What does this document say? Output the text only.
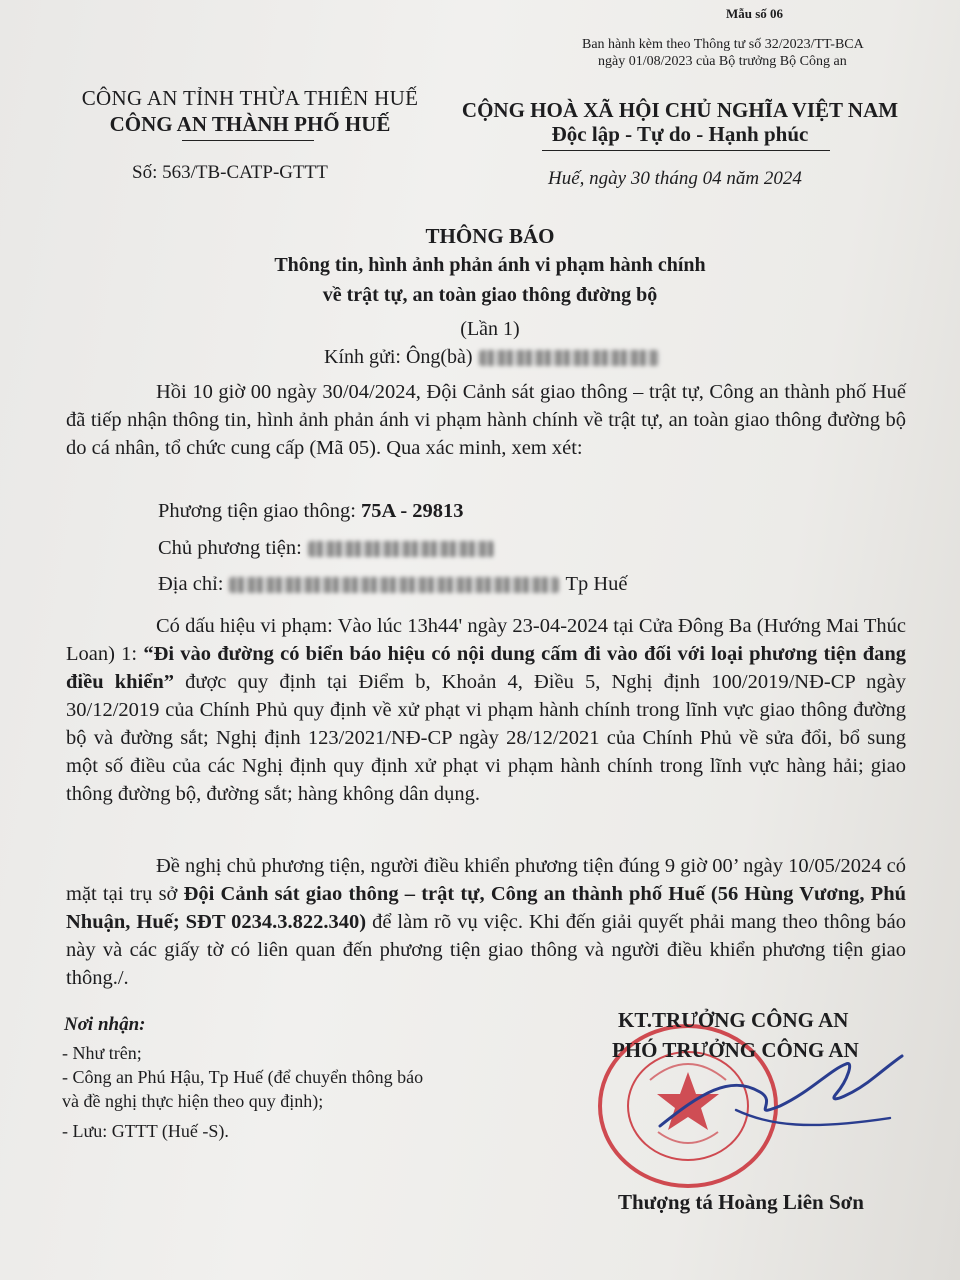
Mẫu số 06
Ban hành kèm theo Thông tư số 32/2023/TT-BCA
ngày 01/08/2023 của Bộ trưởng Bộ Công an
CÔNG AN TỈNH THỪA THIÊN HUẾ
CÔNG AN THÀNH PHỐ HUẾ
Số: 563/TB-CATP-GTTT
CỘNG HOÀ XÃ HỘI CHỦ NGHĨA VIỆT NAM
Độc lập - Tự do - Hạnh phúc
Huế, ngày 30 tháng 04 năm 2024
THÔNG BÁO
Thông tin, hình ảnh phản ánh vi phạm hành chính
về trật tự, an toàn giao thông đường bộ
(Lần 1)
Kính gửi: Ông(bà)
Hồi 10 giờ 00 ngày 30/04/2024, Đội Cảnh sát giao thông – trật tự, Công an thành phố Huế đã tiếp nhận thông tin, hình ảnh phản ánh vi phạm hành chính về trật tự, an toàn giao thông đường bộ do cá nhân, tổ chức cung cấp (Mã 05). Qua xác minh, xem xét:
Phương tiện giao thông: 75A - 29813
Chủ phương tiện:
Địa chỉ:	Tp Huế
Có dấu hiệu vi phạm: Vào lúc 13h44' ngày 23-04-2024 tại Cửa Đông Ba (Hướng Mai Thúc Loan) 1: “Đi vào đường có biển báo hiệu có nội dung cấm đi vào đối với loại phương tiện đang điều khiển” được quy định tại Điểm b, Khoản 4, Điều 5, Nghị định 100/2019/NĐ-CP ngày 30/12/2019 của Chính Phủ quy định về xử phạt vi phạm hành chính trong lĩnh vực giao thông đường bộ và đường sắt; Nghị định 123/2021/NĐ-CP ngày 28/12/2021 của Chính Phủ về sửa đổi, bổ sung một số điều của các Nghị định quy định xử phạt vi phạm hành chính trong lĩnh vực hàng hải; giao thông đường bộ, đường sắt; hàng không dân dụng.
Đề nghị chủ phương tiện, người điều khiển phương tiện đúng 9 giờ 00’ ngày 10/05/2024 có mặt tại trụ sở Đội Cảnh sát giao thông – trật tự, Công an thành phố Huế (56 Hùng Vương, Phú Nhuận, Huế; SĐT 0234.3.822.340) để làm rõ vụ việc. Khi đến giải quyết phải mang theo thông báo này và các giấy tờ có liên quan đến phương tiện giao thông và người điều khiển phương tiện giao thông./.
Nơi nhận:
- Như trên;
- Công an Phú Hậu, Tp Huế (để chuyển thông báo
và đề nghị thực hiện theo quy định);
- Lưu: GTTT (Huế -S).
KT.TRƯỞNG CÔNG AN
PHÓ TRƯỞNG CÔNG AN
Thượng tá Hoàng Liên Sơn
